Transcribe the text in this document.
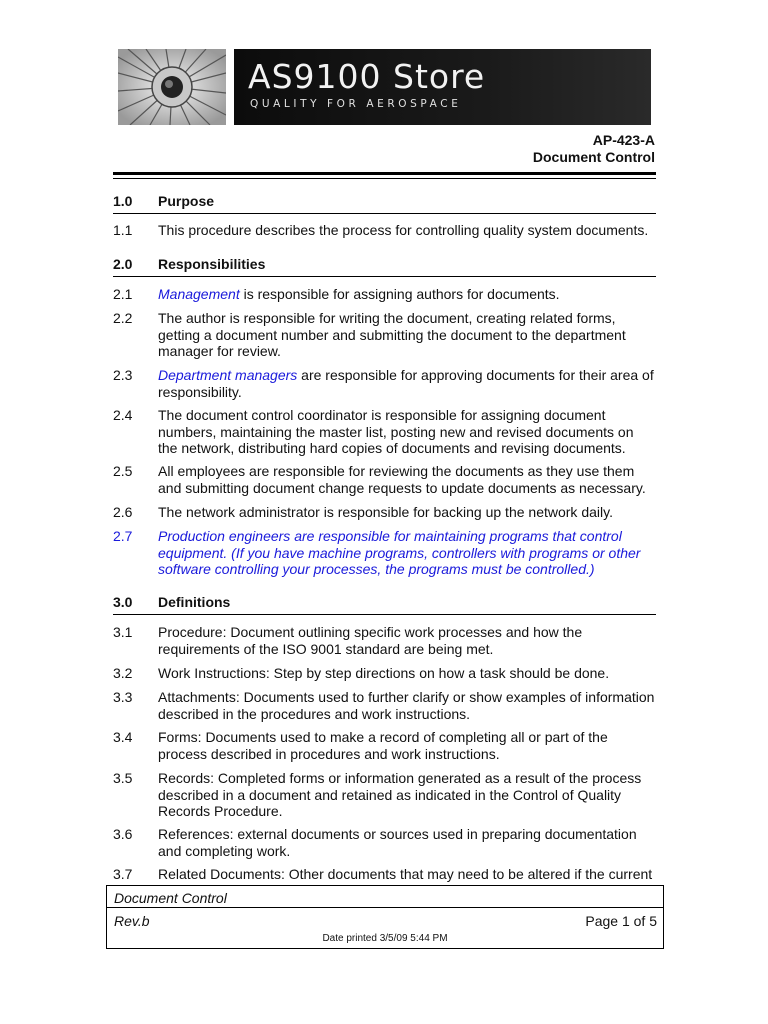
AS9100 Store
QUALITY FOR AEROSPACE
AP-423-A
Document Control
1.0	Purpose
1.1	This procedure describes the process for controlling quality system documents.
2.0	Responsibilities
2.1	Management is responsible for assigning authors for documents.
2.2	The author is responsible for writing the document, creating related forms, getting a document number and submitting the document to the department manager for review.
2.3	Department managers are responsible for approving documents for their area of responsibility.
2.4	The document control coordinator is responsible for assigning document numbers, maintaining the master list, posting new and revised documents on the network, distributing hard copies of documents and revising documents.
2.5	All employees are responsible for reviewing the documents as they use them and submitting document change requests to update documents as necessary.
2.6	The network administrator is responsible for backing up the network daily.
2.7	Production engineers are responsible for maintaining programs that control equipment. (If you have machine programs, controllers with programs or other software controlling your processes, the programs must be controlled.)
3.0	Definitions
3.1	Procedure: Document outlining specific work processes and how the requirements of the ISO 9001 standard are being met.
3.2	Work Instructions: Step by step directions on how a task should be done.
3.3	Attachments: Documents used to further clarify or show examples of information described in the procedures and work instructions.
3.4	Forms: Documents used to make a record of completing all or part of the process described in procedures and work instructions.
3.5	Records: Completed forms or information generated as a result of the process described in a document and retained as indicated in the Control of Quality Records Procedure.
3.6	References: external documents or sources used in preparing documentation and completing work.
3.7	Related Documents: Other documents that may need to be altered if the current
Document Control
Rev.b	Page 1 of 5
Date printed 3/5/09 5:44 PM
